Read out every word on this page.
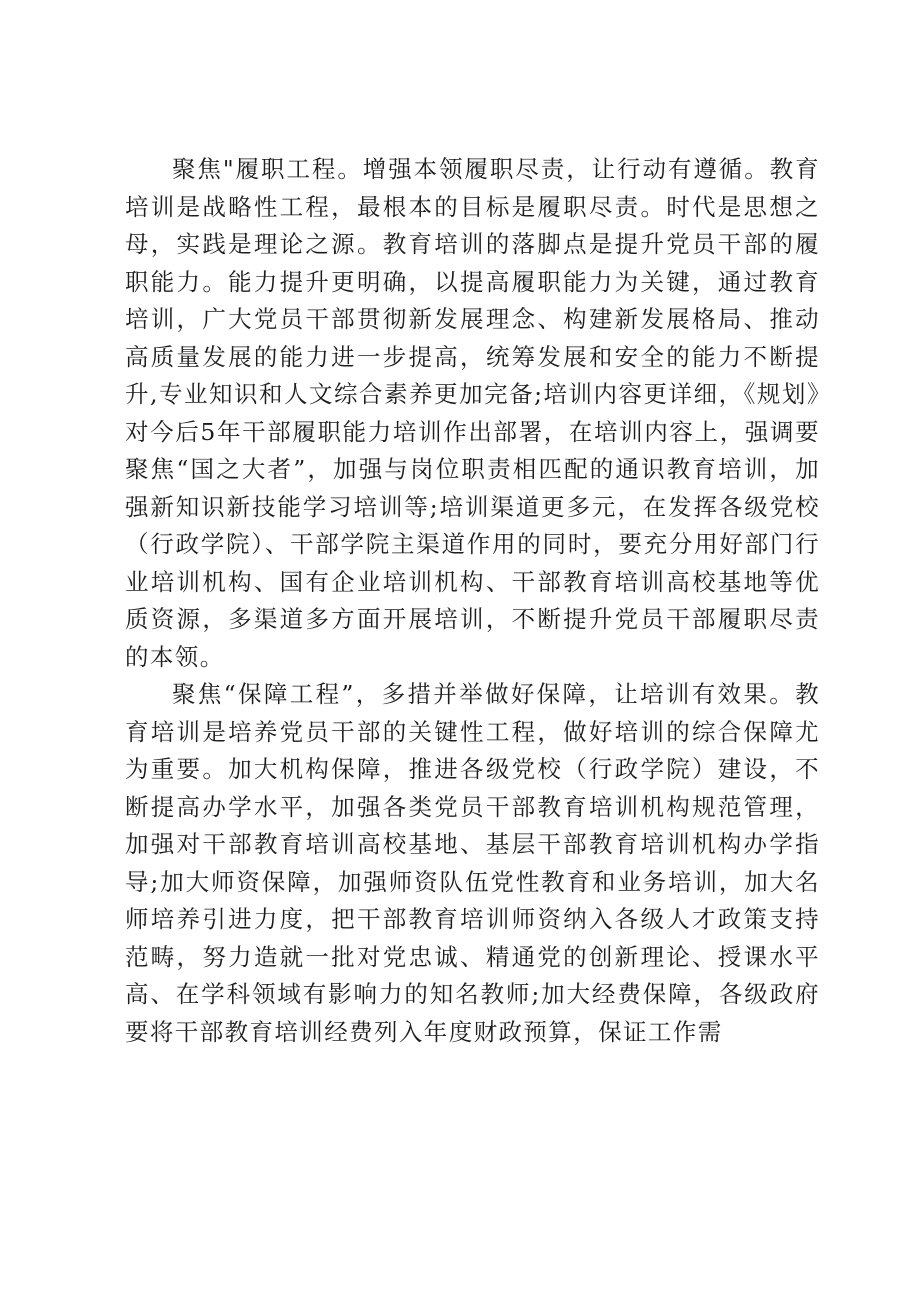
聚焦"履职工程。增强本领履职尽责，让行动有遵循。教育培训是战略性工程，最根本的目标是履职尽责。时代是思想之母，实践是理论之源。教育培训的落脚点是提升党员干部的履职能力。能力提升更明确，以提高履职能力为关键，通过教育培训，广大党员干部贯彻新发展理念、构建新发展格局、推动高质量发展的能力进一步提高，统筹发展和安全的能力不断提升,专业知识和人文综合素养更加完备;培训内容更详细，《规划》对今后5年干部履职能力培训作出部署，在培训内容上，强调要聚焦“国之大者”，加强与岗位职责相匹配的通识教育培训，加强新知识新技能学习培训等;培训渠道更多元，在发挥各级党校（行政学院）、干部学院主渠道作用的同时，要充分用好部门行业培训机构、国有企业培训机构、干部教育培训高校基地等优质资源，多渠道多方面开展培训，不断提升党员干部履职尽责的本领。

聚焦“保障工程”，多措并举做好保障，让培训有效果。教育培训是培养党员干部的关键性工程，做好培训的综合保障尤为重要。加大机构保障，推进各级党校（行政学院）建设，不断提高办学水平，加强各类党员干部教育培训机构规范管理，加强对干部教育培训高校基地、基层干部教育培训机构办学指导;加大师资保障，加强师资队伍党性教育和业务培训，加大名师培养引进力度，把干部教育培训师资纳入各级人才政策支持范畴，努力造就一批对党忠诚、精通党的创新理论、授课水平高、在学科领域有影响力的知名教师;加大经费保障，各级政府要将干部教育培训经费列入年度财政预算，保证工作需
